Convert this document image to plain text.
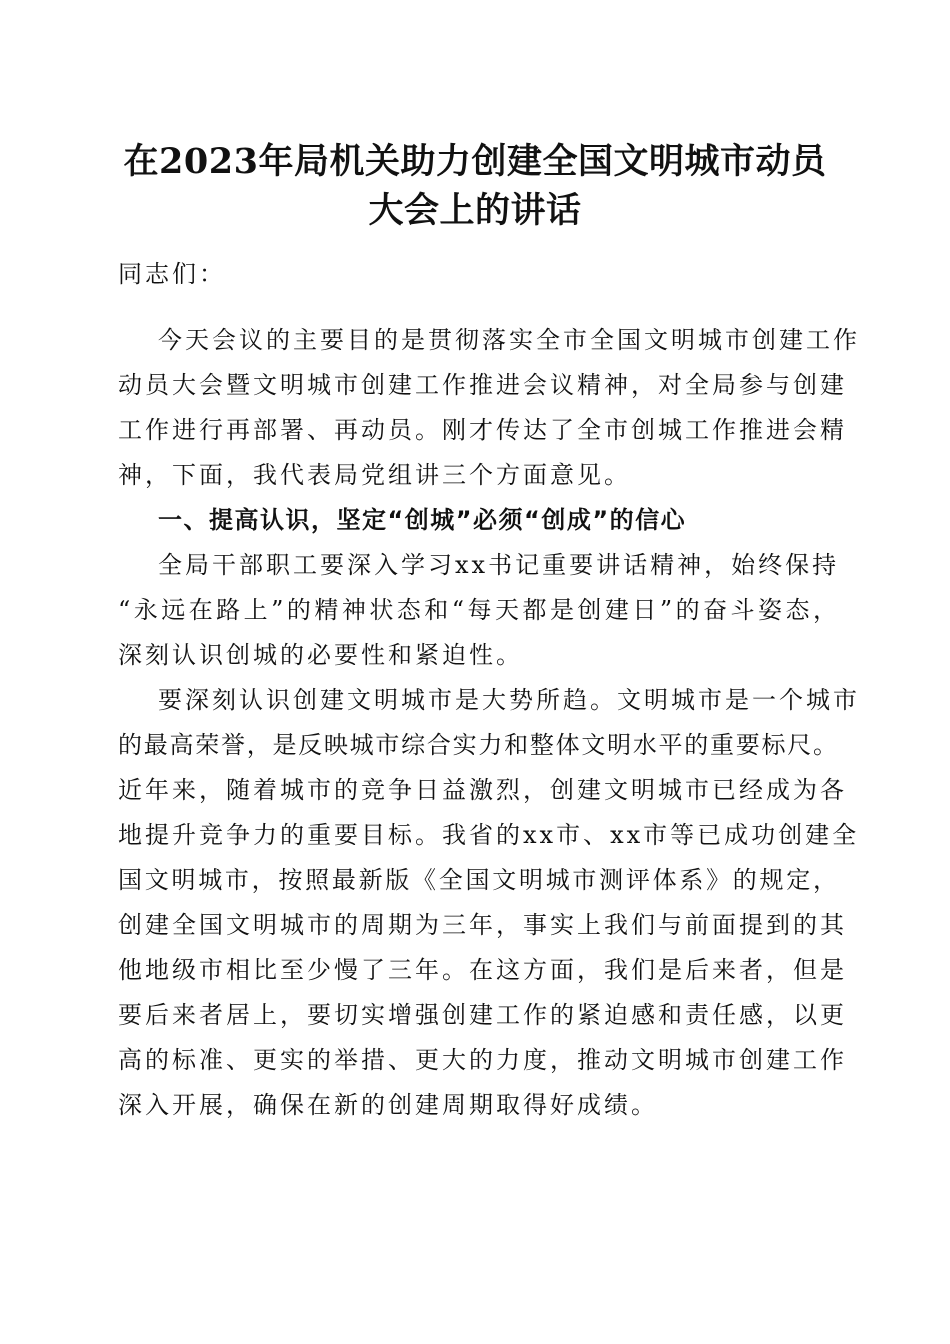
在2023年局机关助力创建全国文明城市动员
大会上的讲话
同志们：
今天会议的主要目的是贯彻落实全市全国文明城市创建工作
动员大会暨文明城市创建工作推进会议精神，对全局参与创建
工作进行再部署、再动员。刚才传达了全市创城工作推进会精
神，下面，我代表局党组讲三个方面意见。
一、提高认识，坚定“创城”必须“创成”的信心
全局干部职工要深入学习xx书记重要讲话精神，始终保持
“永远在路上”的精神状态和“每天都是创建日”的奋斗姿态，
深刻认识创城的必要性和紧迫性。
要深刻认识创建文明城市是大势所趋。文明城市是一个城市
的最高荣誉，是反映城市综合实力和整体文明水平的重要标尺。
近年来，随着城市的竞争日益激烈，创建文明城市已经成为各
地提升竞争力的重要目标。我省的xx市、xx市等已成功创建全
国文明城市，按照最新版《全国文明城市测评体系》的规定，
创建全国文明城市的周期为三年，事实上我们与前面提到的其
他地级市相比至少慢了三年。在这方面，我们是后来者，但是
要后来者居上，要切实增强创建工作的紧迫感和责任感，以更
高的标准、更实的举措、更大的力度，推动文明城市创建工作
深入开展，确保在新的创建周期取得好成绩。
